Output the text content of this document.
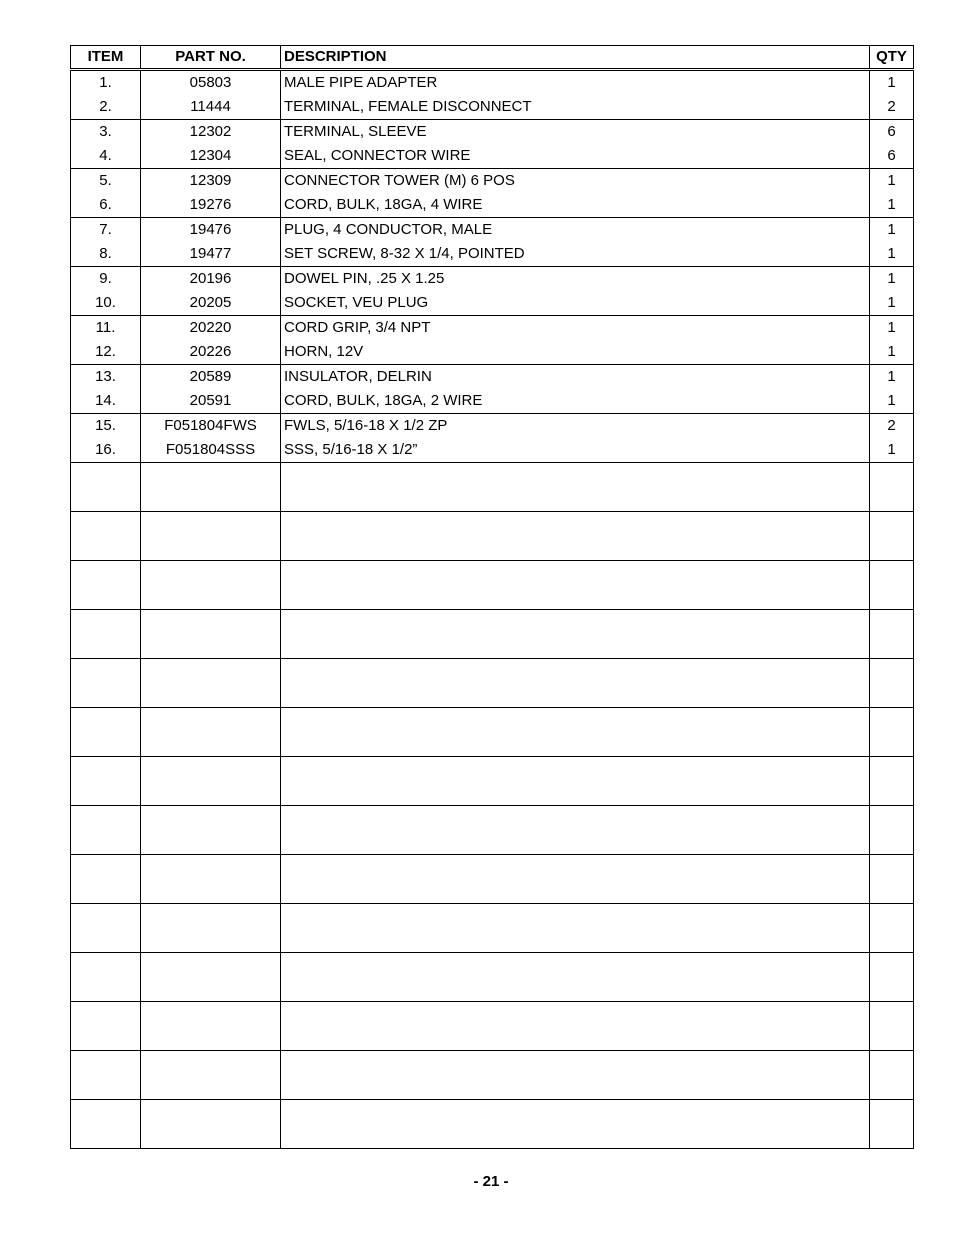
ITEM	PART NO.	DESCRIPTION	QTY
1.	05803	MALE PIPE ADAPTER	1
2.	11444	TERMINAL, FEMALE DISCONNECT	2
3.	12302	TERMINAL, SLEEVE	6
4.	12304	SEAL, CONNECTOR WIRE	6
5.	12309	CONNECTOR TOWER (M) 6 POS	1
6.	19276	CORD, BULK, 18GA, 4 WIRE	1
7.	19476	PLUG, 4 CONDUCTOR, MALE	1
8.	19477	SET SCREW, 8-32 X 1/4, POINTED	1
9.	20196	DOWEL PIN, .25 X 1.25	1
10.	20205	SOCKET, VEU PLUG	1
11.	20220	CORD GRIP, 3/4 NPT	1
12.	20226	HORN, 12V	1
13.	20589	INSULATOR, DELRIN	1
14.	20591	CORD, BULK, 18GA, 2 WIRE	1
15.	F051804FWS	FWLS, 5/16-18 X 1/2 ZP	2
16.	F051804SSS	SSS, 5/16-18 X 1/2”	1

- 21 -
